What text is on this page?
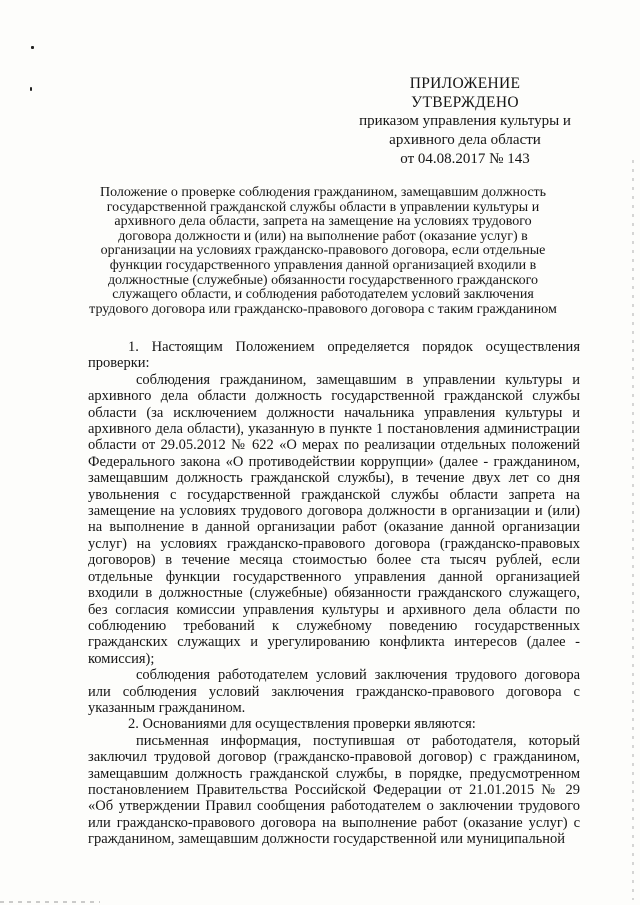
ПРИЛОЖЕНИЕ
УТВЕРЖДЕНО
приказом управления культуры и
архивного дела области
от 04.08.2017 № 143
Положение о проверке соблюдения гражданином, замещавшим должность государственной гражданской службы области в управлении культуры и архивного дела области, запрета на замещение на условиях трудового договора должности и (или) на выполнение работ (оказание услуг) в организации на условиях гражданско-правового договора, если отдельные функции государственного управления данной организацией входили в должностные (служебные) обязанности государственного гражданского служащего области, и соблюдения работодателем условий заключения трудового договора или гражданско-правового договора с таким гражданином

1. Настоящим Положением определяется порядок осуществления проверки:

соблюдения гражданином, замещавшим в управлении культуры и архивного дела области должность государственной гражданской службы области (за исключением должности начальника управления культуры и архивного дела области), указанную в пункте 1 постановления администрации области от 29.05.2012 № 622 «О мерах по реализации отдельных положений Федерального закона «О противодействии коррупции» (далее - гражданином, замещавшим должность гражданской службы), в течение двух лет со дня увольнения с государственной гражданской службы области запрета на замещение на условиях трудового договора должности в организации и (или) на выполнение в данной организации работ (оказание данной организации услуг) на условиях гражданско-правового договора (гражданско-правовых договоров) в течение месяца стоимостью более ста тысяч рублей, если отдельные функции государственного управления данной организацией входили в должностные (служебные) обязанности гражданского служащего, без согласия комиссии управления культуры и архивного дела области по соблюдению требований к служебному поведению государственных гражданских служащих и урегулированию конфликта интересов (далее - комиссия);

соблюдения работодателем условий заключения трудового договора или соблюдения условий заключения гражданско-правового договора с указанным гражданином.

2. Основаниями для осуществления проверки являются:

письменная информация, поступившая от работодателя, который заключил трудовой договор (гражданско-правовой договор) с гражданином, замещавшим должность гражданской службы, в порядке, предусмотренном постановлением Правительства Российской Федерации от 21.01.2015 № 29 «Об утверждении Правил сообщения работодателем о заключении трудового или гражданско-правового договора на выполнение работ (оказание услуг) с гражданином, замещавшим должности государственной или муниципальной
